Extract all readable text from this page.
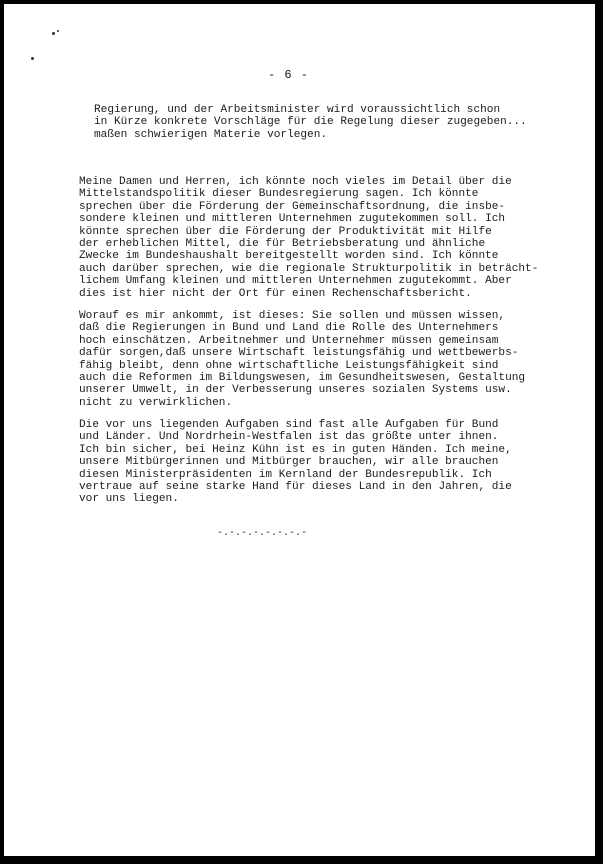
- 6 -

Regierung, und der Arbeitsminister wird voraussichtlich schon
in Kürze konkrete Vorschläge für die Regelung dieser zugegeben...
maßen schwierigen Materie vorlegen.

Meine Damen und Herren, ich könnte noch vieles im Detail über die
Mittelstandspolitik dieser Bundesregierung sagen. Ich könnte
sprechen über die Förderung der Gemeinschaftsordnung, die insbe-
sondere kleinen und mittleren Unternehmen zugutekommen soll. Ich
könnte sprechen über die Förderung der Produktivität mit Hilfe
der erheblichen Mittel, die für Betriebsberatung und ähnliche
Zwecke im Bundeshaushalt bereitgestellt worden sind. Ich könnte
auch darüber sprechen, wie die regionale Strukturpolitik in beträcht-
lichem Umfang kleinen und mittleren Unternehmen zugutekommt. Aber
dies ist hier nicht der Ort für einen Rechenschaftsbericht.

Worauf es mir ankommt, ist dieses: Sie sollen und müssen wissen,
daß die Regierungen in Bund und Land die Rolle des Unternehmers
hoch einschätzen. Arbeitnehmer und Unternehmer müssen gemeinsam
dafür sorgen,daß unsere Wirtschaft leistungsfähig und wettbewerbs-
fähig bleibt, denn ohne wirtschaftliche Leistungsfähigkeit sind
auch die Reformen im Bildungswesen, im Gesundheitswesen, Gestaltung
unserer Umwelt, in der Verbesserung unseres sozialen Systems usw.
nicht zu verwirklichen.

Die vor uns liegenden Aufgaben sind fast alle Aufgaben für Bund
und Länder. Und Nordrhein-Westfalen ist das größte unter ihnen.
Ich bin sicher, bei Heinz Kühn ist es in guten Händen. Ich meine,
unsere Mitbürgerinnen und Mitbürger brauchen, wir alle brauchen
diesen Ministerpräsidenten im Kernland der Bundesrepublik. Ich
vertraue auf seine starke Hand für dieses Land in den Jahren, die
vor uns liegen.

-.-.-.-.-.-.-.-
